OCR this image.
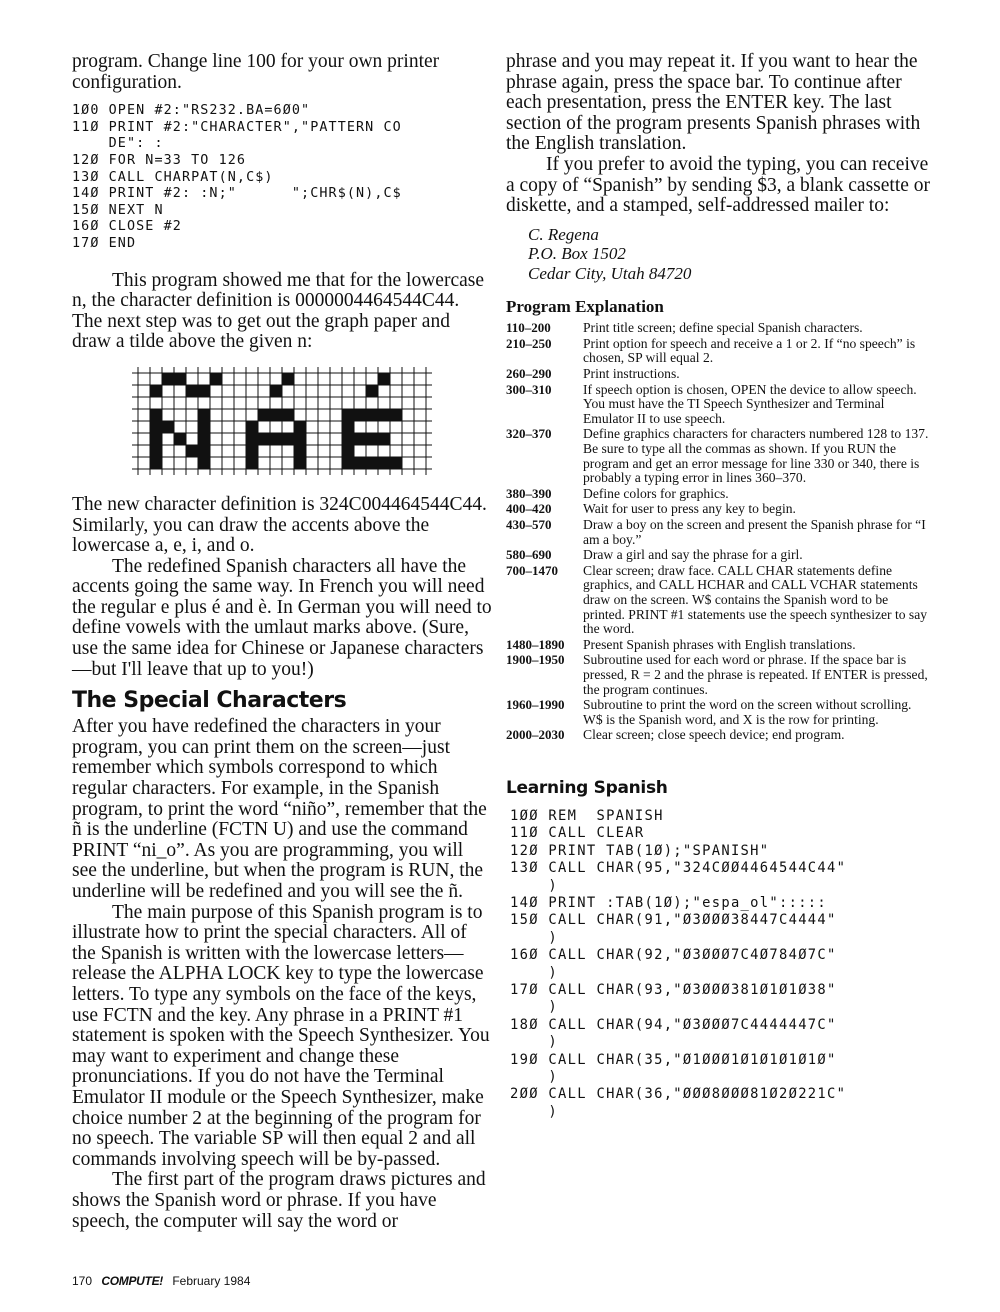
program. Change line 100 for your own printer configuration.

1Ø0 OPEN #2:"RS232.BA=6Ø0"
11Ø PRINT #2:"CHARACTER","PATTERN CO
DE": :
12Ø FOR N=33 TO 126
13Ø CALL CHARPAT(N,C$)
14Ø PRINT #2: :N;"      ";CHR$(N),C$
15Ø NEXT N
16Ø CLOSE #2
17Ø END

This program showed me that for the lowercase n, the character definition is 0000004464544C44. The next step was to get out the graph paper and draw a tilde above the given n:

The new character definition is 324C004464544C44. Similarly, you can draw the accents above the lowercase a, e, i, and o.

The redefined Spanish characters all have the accents going the same way. In French you will need the regular e plus é and è. In German you will need to define vowels with the umlaut marks above. (Sure, use the same idea for Chinese or Japanese characters—but I'll leave that up to you!)

The Special Characters

After you have redefined the characters in your program, you can print them on the screen—just remember which symbols correspond to which regular characters. For example, in the Spanish program, to print the word “niño”, remember that the ñ is the underline (FCTN U) and use the command PRINT “ni_o”. As you are programming, you will see the underline, but when the program is RUN, the underline will be redefined and you will see the ñ.

The main purpose of this Spanish program is to illustrate how to print the special characters. All of the Spanish is written with the lowercase letters—release the ALPHA LOCK key to type the lowercase letters. To type any symbols on the face of the keys, use FCTN and the key. Any phrase in a PRINT #1 statement is spoken with the Speech Synthesizer. You may want to experiment and change these pronunciations. If you do not have the Terminal Emulator II module or the Speech Synthesizer, make choice number 2 at the beginning of the program for no speech. The variable SP will then equal 2 and all commands involving speech will be by-passed.

The first part of the program draws pictures and shows the Spanish word or phrase. If you have speech, the computer will say the word or

phrase and you may repeat it. If you want to hear the phrase again, press the space bar. To continue after each presentation, press the ENTER key. The last section of the program presents Spanish phrases with the English translation.

If you prefer to avoid the typing, you can receive a copy of “Spanish” by sending $3, a blank cassette or diskette, and a stamped, self-addressed mailer to:

C. Regena
P.O. Box 1502
Cedar City, Utah 84720
Program Explanation
110–200	Print title screen; define special Spanish characters.
210–250	Print option for speech and receive a 1 or 2. If “no speech” is chosen, SP will equal 2.
260–290	Print instructions.
300–310	If speech option is chosen, OPEN the device to allow speech. You must have the TI Speech Synthesizer and Terminal Emulator II to use speech.
320–370	Define graphics characters for characters numbered 128 to 137. Be sure to type all the commas as shown. If you RUN the program and get an error message for line 330 or 340, there is probably a typing error in lines 360–370.
380–390	Define colors for graphics.
400–420	Wait for user to press any key to begin.
430–570	Draw a boy on the screen and present the Spanish phrase for “I am a boy.”
580–690	Draw a girl and say the phrase for a girl.
700–1470	Clear screen; draw face. CALL CHAR statements define graphics, and CALL HCHAR and CALL VCHAR statements draw on the screen. W$ contains the Spanish word to be printed. PRINT #1 statements use the speech synthesizer to say the word.
1480–1890	Present Spanish phrases with English translations.
1900–1950	Subroutine used for each word or phrase. If the space bar is pressed, R = 2 and the phrase is repeated. If ENTER is pressed, the program continues.
1960–1990	Subroutine to print the word on the screen without scrolling. W$ is the Spanish word, and X is the row for printing.
2000–2030	Clear screen; close speech device; end program.
Learning Spanish
1ØØ REM  SPANISH
11Ø CALL CLEAR
12Ø PRINT TAB(1Ø);"SPANISH"
13Ø CALL CHAR(95,"324CØØ4464544C44"
)
14Ø PRINT :TAB(1Ø);"espa_ol":::::
15Ø CALL CHAR(91,"Ø3ØØØ38447C4444"
)
16Ø CALL CHAR(92,"Ø3ØØØ7C4Ø784Ø7C"
)
17Ø CALL CHAR(93,"Ø3ØØØ381Ø1Ø1Ø38"
)
18Ø CALL CHAR(94,"Ø3ØØØ7C4444447C"
)
19Ø CALL CHAR(35,"Ø1ØØØ1Ø1Ø1Ø1Ø1Ø"
)
2ØØ CALL CHAR(36,"ØØØ8ØØØ81Ø2Ø221C"
)
170 COMPUTE! February 1984
